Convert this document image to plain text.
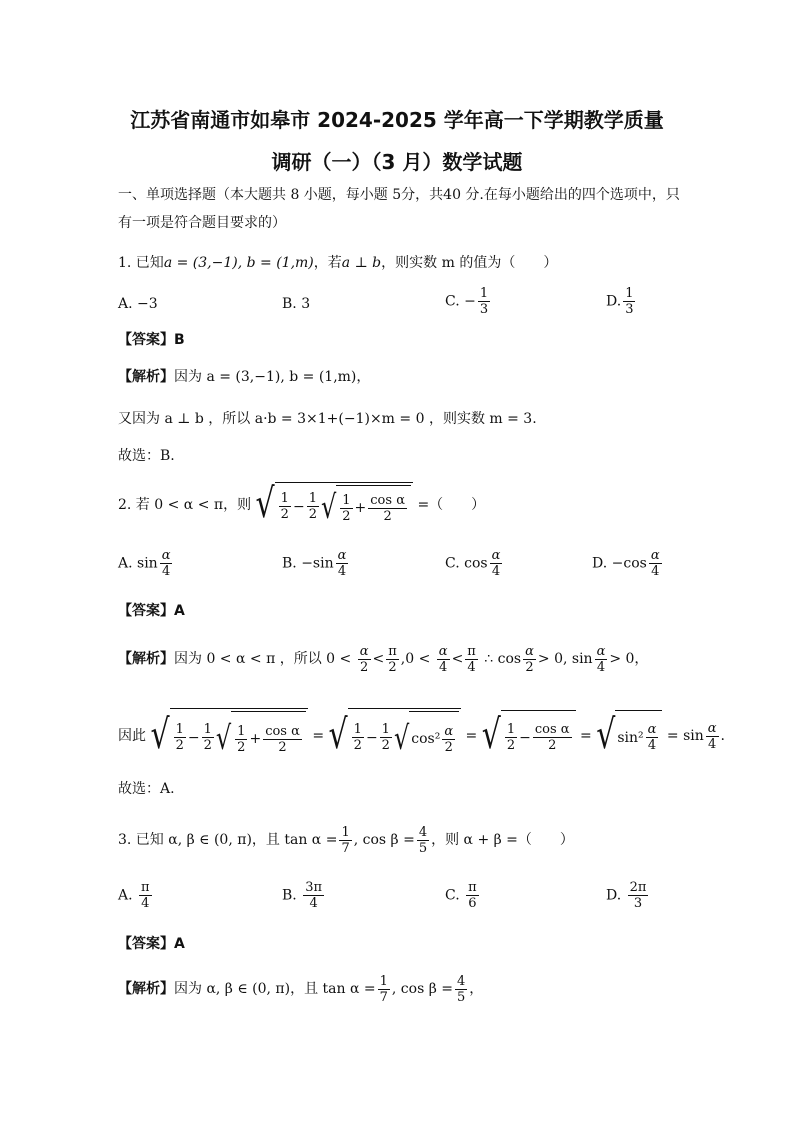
江苏省南通市如皋市 2024-2025 学年高一下学期教学质量
调研（一）（3 月）数学试题
一、单项选择题（本大题共 8 小题，每小题 5分，共40 分.在每小题给出的四个选项中，只
有一项是符合题目要求的）
1. 已知a = (3,−1), b = (1,m)，若a ⊥ b，则实数 m 的值为（　　）
A. −3	B. 3	C. − $\frac{1}{3}$	D. $\frac{1}{3}$
【答案】B
【解析】因为 a = (3,−1), b = (1,m)，
又因为 a ⊥ b ，所以 a·b = 3×1+(−1)×m = 0 ，则实数 m = 3.
故选：B.
2. 若 0 < α < π，则 √ $\frac{1}{2} - \frac{1}{2}$ √ $\frac{1}{2} + \frac{\text{cos α}}{2}$ =（　　）
A. $\sin \frac{\alpha}{4}$	B. $-\sin \frac{\alpha}{4}$	C. $\cos \frac{\alpha}{4}$	D. $-\cos \frac{\alpha}{4}$
【答案】A
【解析】因为 0 < α < π ，所以 $0 < \frac{\alpha}{2} < \frac{\pi}{2} ,0 < \frac{\alpha}{4} < \frac{\pi}{4}$ ∴ $\cos \frac{\alpha}{2} > 0$, $\sin \frac{\alpha}{4} > 0$，
因此 √ $\frac{1}{2} - \frac{1}{2}$ √ $\frac{1}{2} + \frac{\text{cos α}}{2}$ = √ $\frac{1}{2} - \frac{1}{2}$ √ $\cos^2 \frac{\alpha}{2}$ = √ $\frac{1}{2} - \frac{\text{cos α}}{2}$ = √ $\sin^2 \frac{\alpha}{4} = \sin \frac{\alpha}{4}$ .
故选：A.
3. 已知 α, β ∈ (0, π)，且 $\tan \alpha = \frac{1}{7}$ , $\cos \beta = \frac{4}{5}$ ，则 α + β =（　　）
A. $\frac{\pi}{4}$	B. $\frac{3\pi}{4}$	C. $\frac{\pi}{6}$	D. $\frac{2\pi}{3}$
【答案】A
【解析】因为 α, β ∈ (0, π)，且 $\tan \alpha = \frac{1}{7}$ , $\cos \beta = \frac{4}{5}$ ，
